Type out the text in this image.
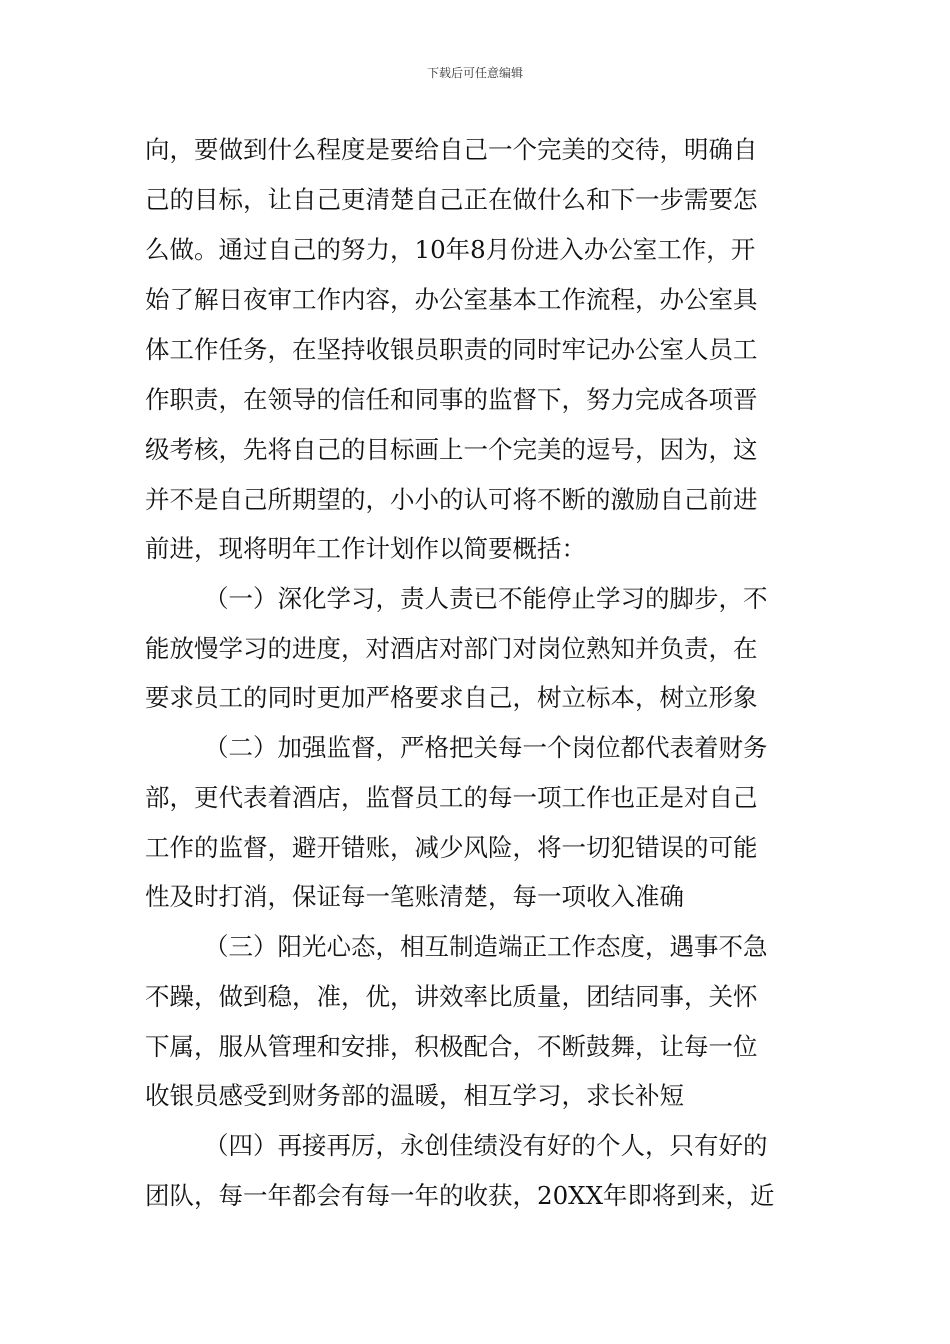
下载后可任意编辑
向，要做到什么程度是要给自己一个完美的交待，明确自
己的目标，让自己更清楚自己正在做什么和下一步需要怎
么做。通过自己的努力，10年8月份进入办公室工作，开
始了解日夜审工作内容，办公室基本工作流程，办公室具
体工作任务，在坚持收银员职责的同时牢记办公室人员工
作职责，在领导的信任和同事的监督下，努力完成各项晋
级考核，先将自己的目标画上一个完美的逗号，因为，这
并不是自己所期望的，小小的认可将不断的激励自己前进
前进，现将明年工作计划作以简要概括：
（一）深化学习，责人责已不能停止学习的脚步，不
能放慢学习的进度，对酒店对部门对岗位熟知并负责，在
要求员工的同时更加严格要求自己，树立标本，树立形象
（二）加强监督，严格把关每一个岗位都代表着财务
部，更代表着酒店，监督员工的每一项工作也正是对自己
工作的监督，避开错账，减少风险，将一切犯错误的可能
性及时打消，保证每一笔账清楚，每一项收入准确
（三）阳光心态，相互制造端正工作态度，遇事不急
不躁，做到稳，准，优，讲效率比质量，团结同事，关怀
下属，服从管理和安排，积极配合，不断鼓舞，让每一位
收银员感受到财务部的温暖，相互学习，求长补短
（四）再接再厉，永创佳绩没有好的个人，只有好的
团队，每一年都会有每一年的收获，20XX年即将到来，近
